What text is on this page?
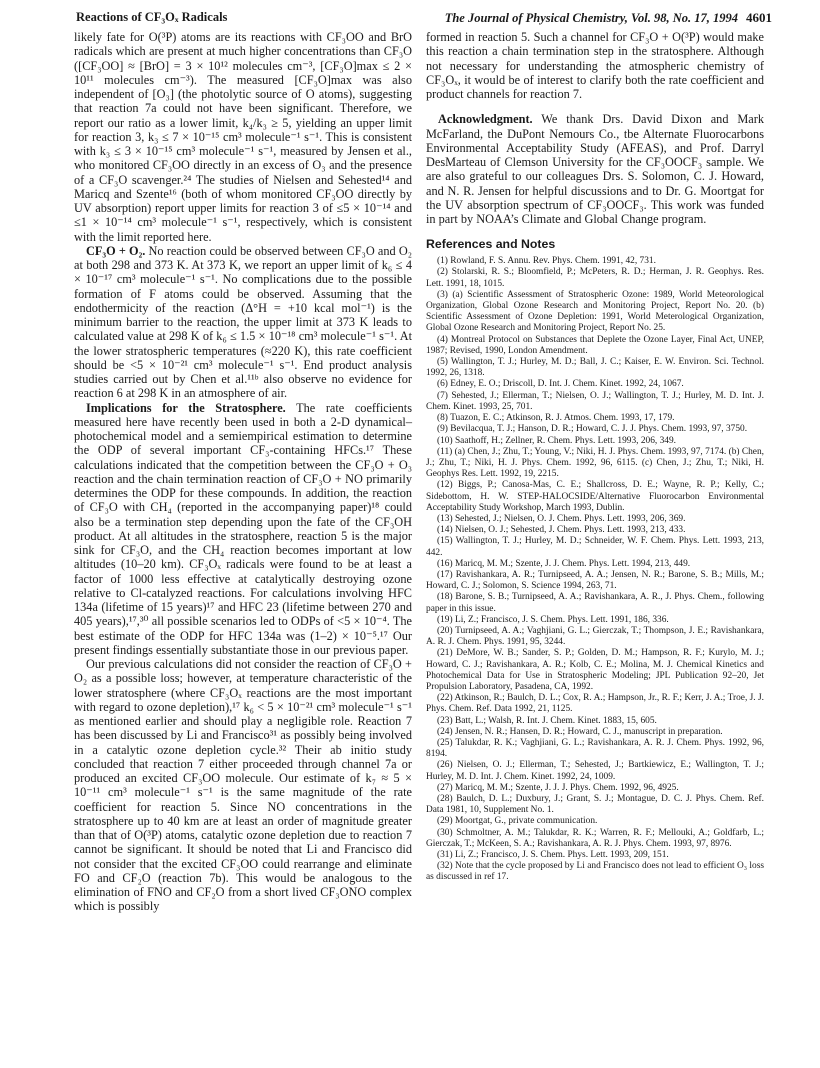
Reactions of CF₃Oₓ Radicals	The Journal of Physical Chemistry, Vol. 98, No. 17, 1994 4601

likely fate for O(³P) atoms are its reactions with CF₃OO and BrO radicals which are present at much higher concentrations than CF₃O ([CF₃OO] ≈ [BrO] = 3 × 10¹² molecules cm⁻³, [CF₃O]max ≤ 2 × 10¹¹ molecules cm⁻³). The measured [CF₃O]max was also independent of [O₃] (the photolytic source of O atoms), suggesting that reaction 7a could not have been significant. Therefore, we report our ratio as a lower limit, k₄/k₃ ≥ 5, yielding an upper limit for reaction 3, k₃ ≤ 7 × 10⁻¹⁵ cm³ molecule⁻¹ s⁻¹. This is consistent with k₃ ≤ 3 × 10⁻¹⁵ cm³ molecule⁻¹ s⁻¹, measured by Jensen et al., who monitored CF₃OO directly in an excess of O₃ and the presence of a CF₃O scavenger.²⁴ The studies of Nielsen and Sehested¹⁴ and Maricq and Szente¹⁶ (both of whom monitored CF₃OO directly by UV absorption) report upper limits for reaction 3 of ≤5 × 10⁻¹⁴ and ≤1 × 10⁻¹⁴ cm³ molecule⁻¹ s⁻¹, respectively, which is consistent with the limit reported here.

CF₃O + O₂. No reaction could be observed between CF₃O and O₂ at both 298 and 373 K. At 373 K, we report an upper limit of k₆ ≤ 4 × 10⁻¹⁷ cm³ molecule⁻¹ s⁻¹. No complications due to the possible formation of F atoms could be observed. Assuming that the endothermicity of the reaction (Δ°H = +10 kcal mol⁻¹) is the minimum barrier to the reaction, the upper limit at 373 K leads to calculated value at 298 K of k₆ ≤ 1.5 × 10⁻¹⁸ cm³ molecule⁻¹ s⁻¹. At the lower stratospheric temperatures (≈220 K), this rate coefficient should be <5 × 10⁻²¹ cm³ molecule⁻¹ s⁻¹. End product analysis studies carried out by Chen et al.¹¹ᵇ also observe no evidence for reaction 6 at 298 K in an atmosphere of air.

Implications for the Stratosphere. The rate coefficients measured here have recently been used in both a 2-D dynamical–photochemical model and a semiempirical estimation to determine the ODP of several important CF₃-containing HFCs.¹⁷ These calculations indicated that the competition between the CF₃O + O₃ reaction and the chain termination reaction of CF₃O + NO primarily determines the ODP for these compounds. In addition, the reaction of CF₃O with CH₄ (reported in the accompanying paper)¹⁸ could also be a termination step depending upon the fate of the CF₃OH product. At all altitudes in the stratosphere, reaction 5 is the major sink for CF₃O, and the CH₄ reaction becomes important at low altitudes (10–20 km). CF₃Oₓ radicals were found to be at least a factor of 1000 less effective at catalytically destroying ozone relative to Cl-catalyzed reactions. For calculations involving HFC 134a (lifetime of 15 years)¹⁷ and HFC 23 (lifetime between 270 and 405 years),¹⁷,³⁰ all possible scenarios led to ODPs of <5 × 10⁻⁴. The best estimate of the ODP for HFC 134a was (1–2) × 10⁻⁵.¹⁷ Our present findings essentially substantiate those in our previous paper.

Our previous calculations did not consider the reaction of CF₃O + O₂ as a possible loss; however, at temperature characteristic of the lower stratosphere (where CF₃Oₓ reactions are the most important with regard to ozone depletion),¹⁷ k₆ < 5 × 10⁻²¹ cm³ molecule⁻¹ s⁻¹ as mentioned earlier and should play a negligible role. Reaction 7 has been discussed by Li and Francisco³¹ as possibly being involved in a catalytic ozone depletion cycle.³² Their ab initio study concluded that reaction 7 either proceeded through channel 7a or produced an excited CF₃OO molecule. Our estimate of k₇ ≈ 5 × 10⁻¹¹ cm³ molecule⁻¹ s⁻¹ is the same magnitude of the rate coefficient for reaction 5. Since NO concentrations in the stratosphere up to 40 km are at least an order of magnitude greater than that of O(³P) atoms, catalytic ozone depletion due to reaction 7 cannot be significant. It should be noted that Li and Francisco did not consider that the excited CF₃OO could rearrange and eliminate FO and CF₂O (reaction 7b). This would be analogous to the elimination of FNO and CF₂O from a short lived CF₃ONO complex which is possibly

formed in reaction 5. Such a channel for CF₃O + O(³P) would make this reaction a chain termination step in the stratosphere. Although not necessary for understanding the atmospheric chemistry of CF₃Oₓ, it would be of interest to clarify both the rate coefficient and product channels for reaction 7.

Acknowledgment. We thank Drs. David Dixon and Mark McFarland, the DuPont Nemours Co., tbe Alternate Fluorocarbons Environmental Acceptability Study (AFEAS), and Prof. Darryl DesMarteau of Clemson University for the CF₃OOCF₃ sample. We are also grateful to our colleagues Drs. S. Solomon, C. J. Howard, and N. R. Jensen for helpful discussions and to Dr. G. Moortgat for the UV absorption spectrum of CF₃OOCF₃. This work was funded in part by NOAA’s Climate and Global Change program.

References and Notes

(1) Rowland, F. S. Annu. Rev. Phys. Chem. 1991, 42, 731.

(2) Stolarski, R. S.; Bloomfield, P.; McPeters, R. D.; Herman, J. R. Geophys. Res. Lett. 1991, 18, 1015.

(3) (a) Scientific Assessment of Stratospheric Ozone: 1989, World Meteorological Organization, Global Ozone Research and Monitoring Project, Report No. 20. (b) Scientific Assessment of Ozone Depletion: 1991, World Meterological Organization, Global Ozone Research and Monitoring Project, Report No. 25.

(4) Montreal Protocol on Substances that Deplete the Ozone Layer, Final Act, UNEP, 1987; Revised, 1990, London Amendment.

(5) Wallington, T. J.; Hurley, M. D.; Ball, J. C.; Kaiser, E. W. Environ. Sci. Technol. 1992, 26, 1318.

(6) Edney, E. O.; Driscoll, D. Int. J. Chem. Kinet. 1992, 24, 1067.

(7) Sehested, J.; Ellerman, T.; Nielsen, O. J.; Wallington, T. J.; Hurley, M. D. Int. J. Chem. Kinet. 1993, 25, 701.

(8) Tuazon, E. C.; Atkinson, R. J. Atmos. Chem. 1993, 17, 179.

(9) Bevilacqua, T. J.; Hanson, D. R.; Howard, C. J. J. Phys. Chem. 1993, 97, 3750.

(10) Saathoff, H.; Zellner, R. Chem. Phys. Lett. 1993, 206, 349.

(11) (a) Chen, J.; Zhu, T.; Young, V.; Niki, H. J. Phys. Chem. 1993, 97, 7174. (b) Chen, J.; Zhu, T.; Niki, H. J. Phys. Chem. 1992, 96, 6115. (c) Chen, J.; Zhu, T.; Niki, H. Geophys Res. Lett. 1992, 19, 2215.

(12) Biggs, P.; Canosa-Mas, C. E.; Shallcross, D. E.; Wayne, R. P.; Kelly, C.; Sidebottom, H. W. STEP-HALOCSIDE/Alternative Fluorocarbon Environmental Acceptability Study Workshop, March 1993, Dublin.

(13) Sehested, J.; Nielsen, O. J. Chem. Phys. Lett. 1993, 206, 369.

(14) Nielsen, O. J.; Sehested, J. Chem. Phys. Lett. 1993, 213, 433.

(15) Wallington, T. J.; Hurley, M. D.; Schneider, W. F. Chem. Phys. Lett. 1993, 213, 442.

(16) Maricq, M. M.; Szente, J. J. Chem. Phys. Lett. 1994, 213, 449.

(17) Ravishankara, A. R.; Turnipseed, A. A.; Jensen, N. R.; Barone, S. B.; Mills, M.; Howard, C. J.; Solomon, S. Science 1994, 263, 71.

(18) Barone, S. B.; Turnipseed, A. A.; Ravishankara, A. R., J. Phys. Chem., following paper in this issue.

(19) Li, Z.; Francisco, J. S. Chem. Phys. Lett. 1991, 186, 336.

(20) Turnipseed, A. A.; Vaghjiani, G. L.; Gierczak, T.; Thompson, J. E.; Ravishankara, A. R. J. Chem. Phys. 1991, 95, 3244.

(21) DeMore, W. B.; Sander, S. P.; Golden, D. M.; Hampson, R. F.; Kurylo, M. J.; Howard, C. J.; Ravishankara, A. R.; Kolb, C. E.; Molina, M. J. Chemical Kinetics and Photochemical Data for Use in Stratospheric Modeling; JPL Publication 92–20, Jet Propulsion Laboratory, Pasadena, CA, 1992.

(22) Atkinson, R.; Baulch, D. L.; Cox, R. A.; Hampson, Jr., R. F.; Kerr, J. A.; Troe, J. J. Phys. Chem. Ref. Data 1992, 21, 1125.

(23) Batt, L.; Walsh, R. Int. J. Chem. Kinet. 1883, 15, 605.

(24) Jensen, N. R.; Hansen, D. R.; Howard, C. J., manuscript in preparation.

(25) Talukdar, R. K.; Vaghjiani, G. L.; Ravishankara, A. R. J. Chem. Phys. 1992, 96, 8194.

(26) Nielsen, O. J.; Ellerman, T.; Sehested, J.; Bartkiewicz, E.; Wallington, T. J.; Hurley, M. D. Int. J. Chem. Kinet. 1992, 24, 1009.

(27) Maricq, M. M.; Szente, J. J. J. Phys. Chem. 1992, 96, 4925.

(28) Baulch, D. L.; Duxbury, J.; Grant, S. J.; Montague, D. C. J. Phys. Chem. Ref. Data 1981, 10, Supplement No. 1.

(29) Moortgat, G., private communication.

(30) Schmoltner, A. M.; Talukdar, R. K.; Warren, R. F.; Mellouki, A.; Goldfarb, L.; Gierczak, T.; McKeen, S. A.; Ravishankara, A. R. J. Phys. Chem. 1993, 97, 8976.

(31) Li, Z.; Francisco, J. S. Chem. Phys. Lett. 1993, 209, 151.

(32) Note that the cycle proposed by Li and Francisco does not lead to efficient O₃ loss as discussed in ref 17.
